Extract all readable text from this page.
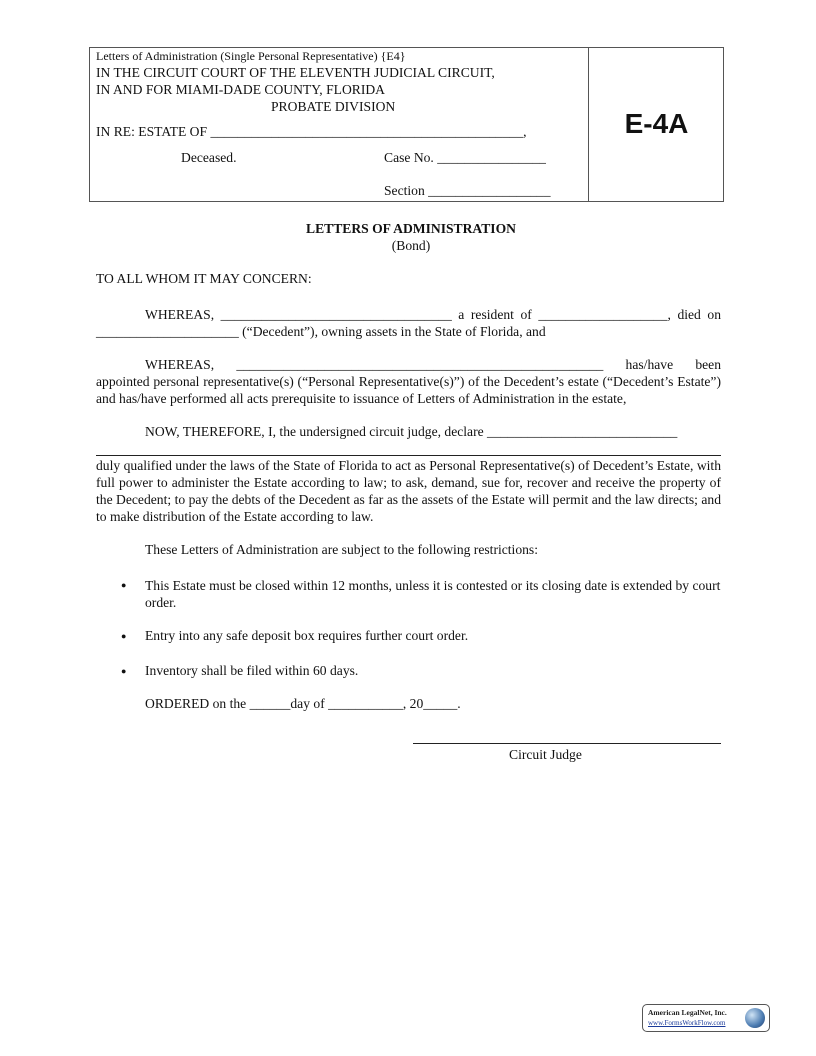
Letters of Administration (Single Personal Representative) {E4}
IN THE CIRCUIT COURT OF THE ELEVENTH JUDICIAL CIRCUIT,
IN AND FOR MIAMI-DADE COUNTY, FLORIDA
PROBATE DIVISION
IN RE: ESTATE OF ______________________________________________,
Deceased.	Case No. ________________
Section __________________
E-4A
LETTERS OF ADMINISTRATION
(Bond)
TO ALL WHOM IT MAY CONCERN:
WHEREAS, __________________________________ a resident of ___________________, died on _____________________ (“Decedent”), owning assets in the State of Florida, and
WHEREAS, ______________________________________________________ has/have been appointed personal representative(s) (“Personal Representative(s)”) of the Decedent’s estate (“Decedent’s Estate”) and has/have performed all acts prerequisite to issuance of Letters of Administration in the estate,
NOW, THEREFORE, I, the undersigned circuit judge, declare ____________________________
duly qualified under the laws of the State of Florida to act as Personal Representative(s) of Decedent’s Estate, with full power to administer the Estate according to law; to ask, demand, sue for, recover and receive the property of the Decedent; to pay the debts of the Decedent as far as the assets of the Estate will permit and the law directs; and to make distribution of the Estate according to law.
These Letters of Administration are subject to the following restrictions:
● This Estate must be closed within 12 months, unless it is contested or its closing date is extended by court order.
● Entry into any safe deposit box requires further court order.
● Inventory shall be filed within 60 days.
ORDERED on the ______day of ___________, 20_____.
Circuit Judge
American LegalNet, Inc.
www.FormsWorkFlow.com
